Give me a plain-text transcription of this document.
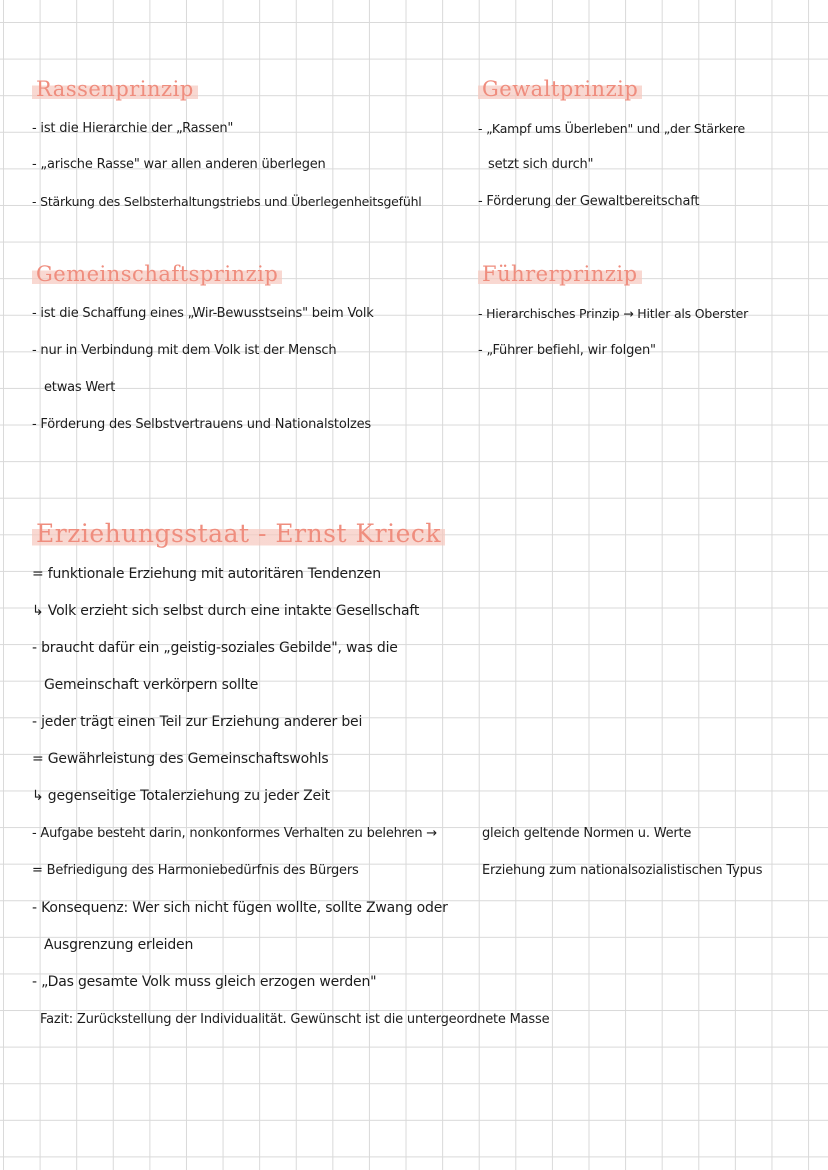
Rassenprinzip
- ist die Hierarchie der „Rassen"
- „arische Rasse" war allen anderen überlegen
- Stärkung des Selbsterhaltungstriebs und Überlegenheitsgefühl
Gewaltprinzip
- „Kampf ums Überleben" und „der Stärkere
setzt sich durch"
- Förderung der Gewaltbereitschaft
Gemeinschaftsprinzip
- ist die Schaffung eines „Wir-Bewusstseins" beim Volk
- nur in Verbindung mit dem Volk ist der Mensch
etwas Wert
- Förderung des Selbstvertrauens und Nationalstolzes
Führerprinzip
- Hierarchisches Prinzip → Hitler als Oberster
- „Führer befiehl, wir folgen"
Erziehungsstaat - Ernst Krieck
= funktionale Erziehung mit autoritären Tendenzen
↳ Volk erzieht sich selbst durch eine intakte Gesellschaft
- braucht dafür ein „geistig-soziales Gebilde", was die
Gemeinschaft verkörpern sollte
- jeder trägt einen Teil zur Erziehung anderer bei
= Gewährleistung des Gemeinschaftswohls
↳ gegenseitige Totalerziehung zu jeder Zeit
- Aufgabe besteht darin, nonkonformes Verhalten zu belehren →	gleich geltende Normen u. Werte
= Befriedigung des Harmoniebedürfnis des Bürgers	Erziehung zum nationalsozialistischen Typus
- Konsequenz: Wer sich nicht fügen wollte, sollte Zwang oder
Ausgrenzung erleiden
- „Das gesamte Volk muss gleich erzogen werden"
Fazit: Zurückstellung der Individualität. Gewünscht ist die untergeordnete Masse
